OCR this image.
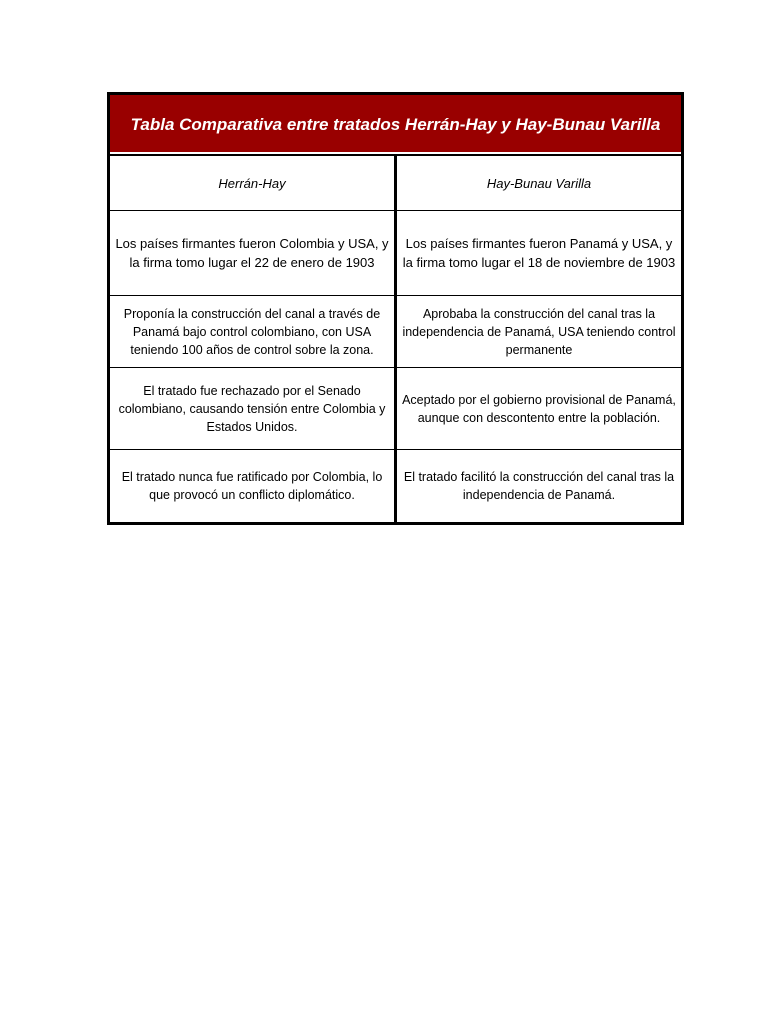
Tabla Comparativa entre tratados Herrán-Hay y Hay-Bunau Varilla	
Herrán-Hay	Hay-Bunau Varilla
Los países firmantes fueron Colombia y USA, y la firma tomo lugar el 22 de enero de 1903	Los países firmantes fueron Panamá y USA, y la firma tomo lugar el 18 de noviembre de 1903
Proponía la construcción del canal a través de Panamá bajo control colombiano, con USA teniendo 100 años de control sobre la zona.	Aprobaba la construcción del canal tras la independencia de Panamá, USA teniendo control permanente
El tratado fue rechazado por el Senado colombiano, causando tensión entre Colombia y Estados Unidos.	Aceptado por el gobierno provisional de Panamá, aunque con descontento entre la población.
El tratado nunca fue ratificado por Colombia, lo que provocó un conflicto diplomático.	El tratado facilitó la construcción del canal tras la independencia de Panamá.
